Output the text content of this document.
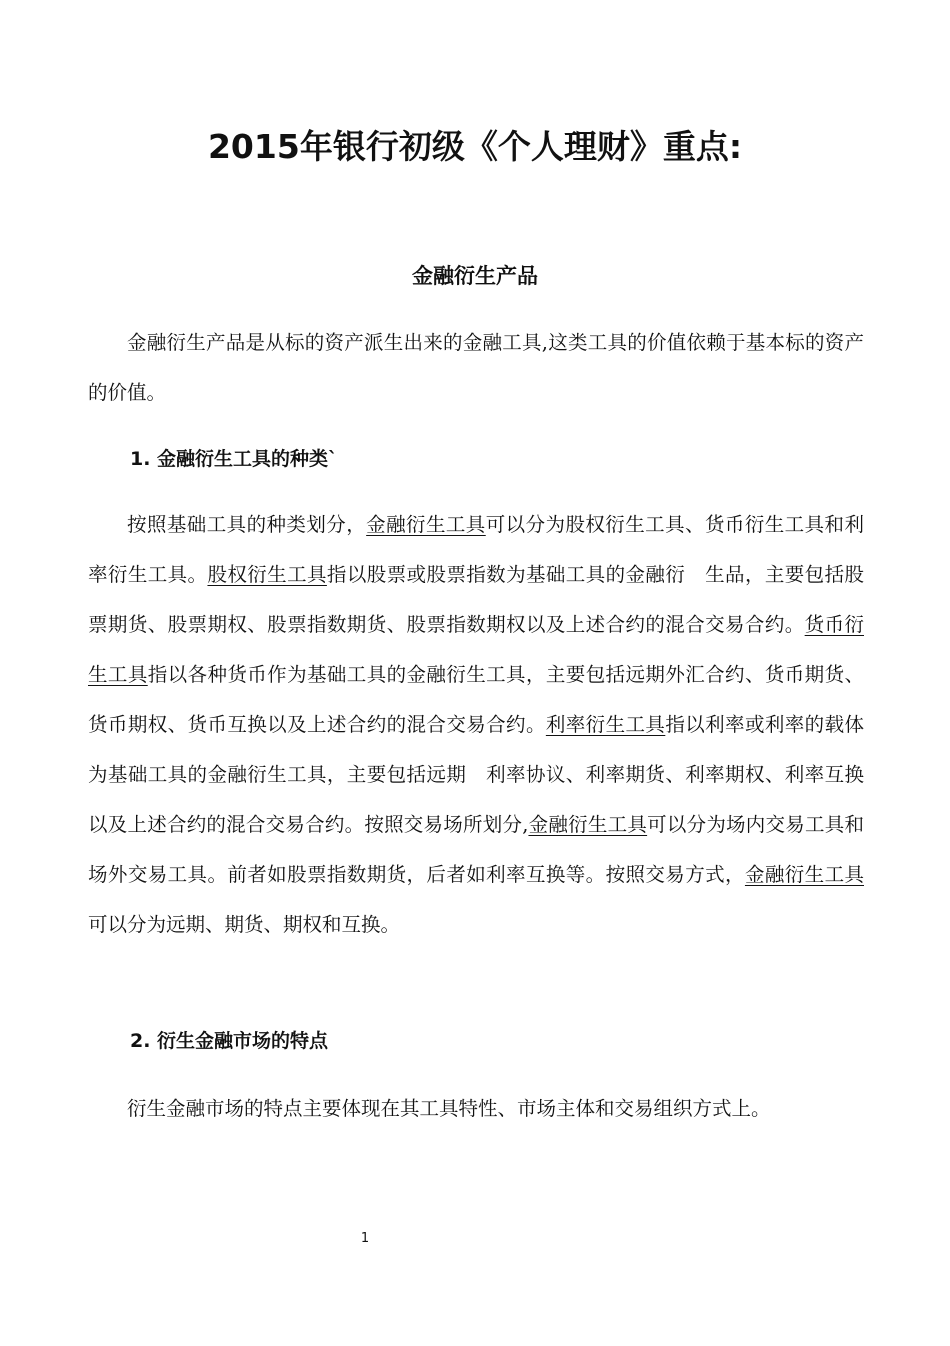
2015年银行初级《个人理财》重点:
金融衍生产品

金融衍生产品是从标的资产派生出来的金融工具,这类工具的价值依赖于基本标的资产的价值。

1. 金融衍生工具的种类`

按照基础工具的种类划分，金融衍生工具可以分为股权衍生工具、货币衍生工具和利率衍生工具。股权衍生工具指以股票或股票指数为基础工具的金融衍　生品，主要包括股票期货、股票期权、股票指数期货、股票指数期权以及上述合约的混合交易合约。货币衍生工具指以各种货币作为基础工具的金融衍生工具，主要包括远期外汇合约、货币期货、货币期权、货币互换以及上述合约的混合交易合约。利率衍生工具指以利率或利率的载体为基础工具的金融衍生工具，主要包括远期　利率协议、利率期货、利率期权、利率互换以及上述合约的混合交易合约。按照交易场所划分,金融衍生工具可以分为场内交易工具和场外交易工具。前者如股票指数期货，后者如利率互换等。按照交易方式，金融衍生工具可以分为远期、期货、期权和互换。

2. 衍生金融市场的特点

衍生金融市场的特点主要体现在其工具特性、市场主体和交易组织方式上。

1
